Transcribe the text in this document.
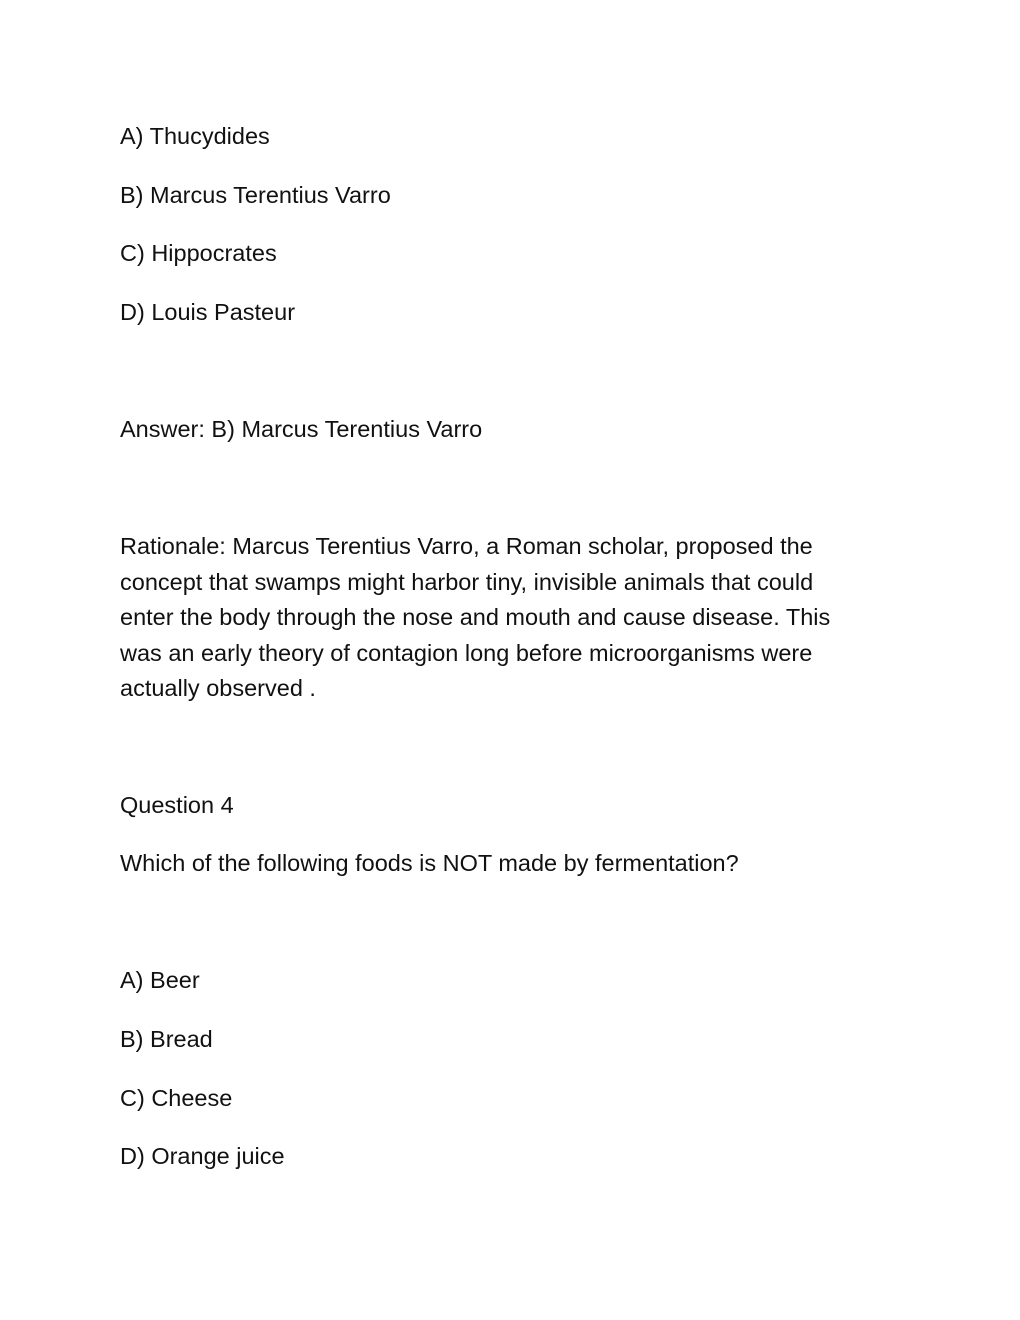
A) Thucydides
B) Marcus Terentius Varro
C) Hippocrates
D) Louis Pasteur
Answer: B) Marcus Terentius Varro
Rationale: Marcus Terentius Varro, a Roman scholar, proposed the
concept that swamps might harbor tiny, invisible animals that could
enter the body through the nose and mouth and cause disease. This
was an early theory of contagion long before microorganisms were
actually observed .
Question 4
Which of the following foods is NOT made by fermentation?
A) Beer
B) Bread
C) Cheese
D) Orange juice
